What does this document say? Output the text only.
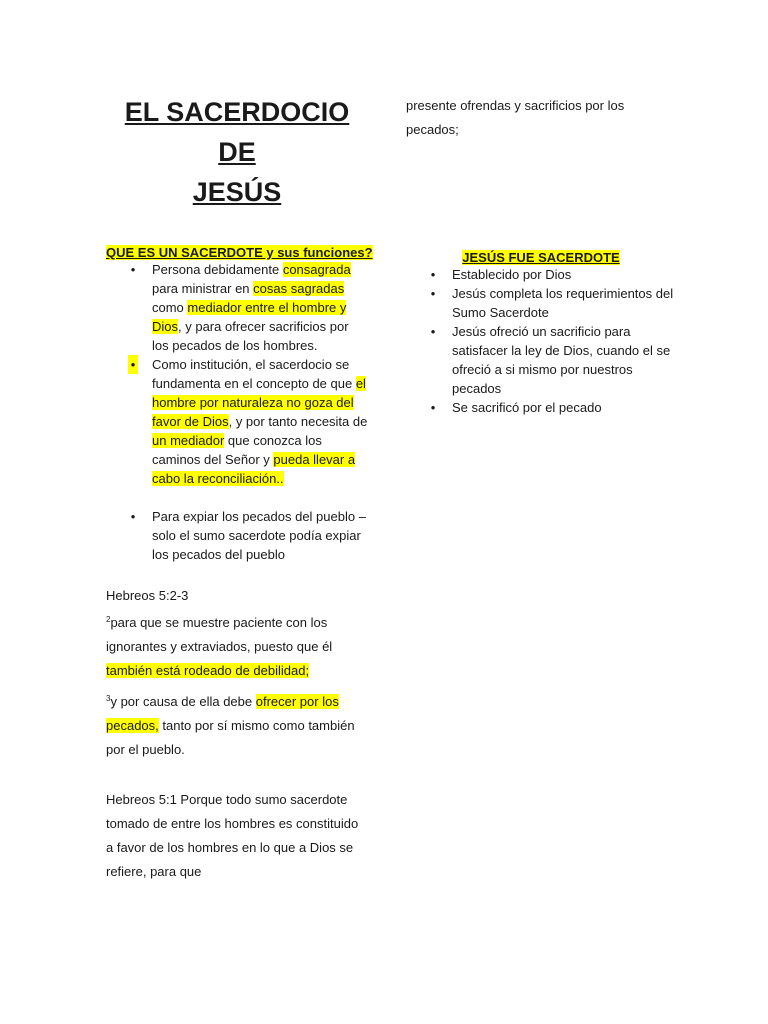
EL SACERDOCIO DE
JESÚS
QUE ES UN SACERDOTE y sus funciones?
• Persona debidamente consagrada para ministrar en cosas sagradas como mediador entre el hombre y Dios, y para ofrecer sacrificios por los pecados de los hombres.
• Como institución, el sacerdocio se fundamenta en el concepto de que el hombre por naturaleza no goza del favor de Dios, y por tanto necesita de un mediador que conozca los caminos del Señor y pueda llevar a cabo la reconciliación..
• Para expiar los pecados del pueblo – solo el sumo sacerdote podía expiar los pecados del pueblo
Hebreos 5:2-3

$^2$para que se muestre paciente con los ignorantes y extraviados, puesto que él también está rodeado de debilidad;

$^3$y por causa de ella debe ofrecer por los pecados, tanto por sí mismo como también por el pueblo.

Hebreos 5:1 Porque todo sumo sacerdote tomado de entre los hombres es constituido a favor de los hombres en lo que a Dios se refiere, para que
presente ofrendas y sacrificios por los pecados;
JESÚS FUE SACERDOTE
• Establecido por Dios
• Jesús completa los requerimientos del Sumo Sacerdote
• Jesús ofreció un sacrificio para satisfacer la ley de Dios, cuando el se ofreció a si mismo por nuestros pecados
• Se sacrificó por el pecado
